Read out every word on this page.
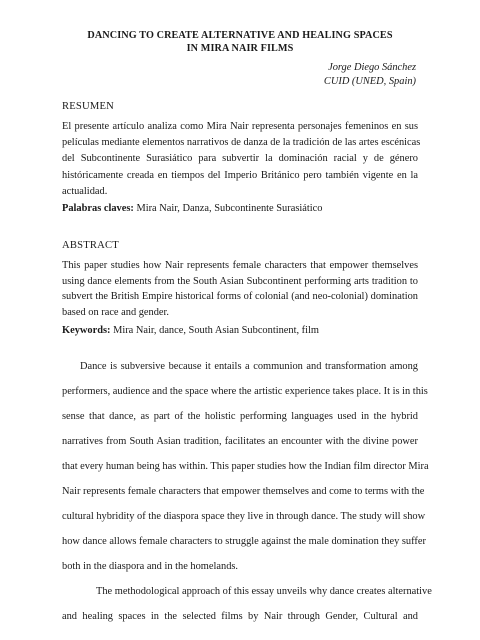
DANCING TO CREATE ALTERNATIVE AND HEALING SPACES
IN MIRA NAIR FILMS
Jorge Diego Sánchez
CUID (UNED, Spain)
RESUMEN
El presente artículo analiza como Mira Nair representa personajes femeninos en sus
películas mediante elementos narrativos de danza de la tradición de las artes escénicas
del Subcontinente Surasiático para subvertir la dominación racial y de género
históricamente creada en tiempos del Imperio Británico pero también vigente en la
actualidad.
Palabras claves: Mira Nair, Danza, Subcontinente Surasiático
ABSTRACT
This paper studies how Nair represents female characters that empower themselves
using dance elements from the South Asian Subcontinent performing arts tradition to
subvert the British Empire historical forms of colonial (and neo-colonial) domination
based on race and gender.
Keywords: Mira Nair, dance, South Asian Subcontinent, film
Dance is subversive because it entails a communion and transformation among
performers, audience and the space where the artistic experience takes place. It is in this
sense that dance, as part of the holistic performing languages used in the hybrid
narratives from South Asian tradition, facilitates an encounter with the divine power
that every human being has within. This paper studies how the Indian film director Mira
Nair represents female characters that empower themselves and come to terms with the
cultural hybridity of the diaspora space they live in through dance. The study will show
how dance allows female characters to struggle against the male domination they suffer
both in the diaspora and in the homelands.
The methodological approach of this essay unveils why dance creates alternative
and healing spaces in the selected films by Nair through Gender, Cultural and
